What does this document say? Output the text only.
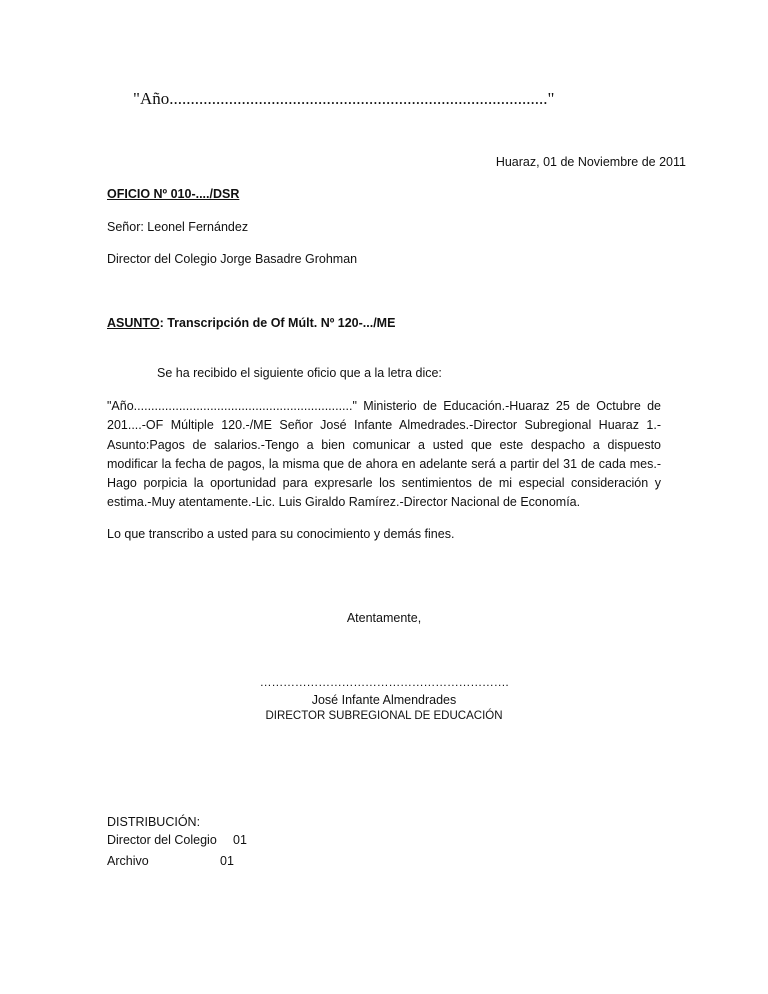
"Año........................................................................................."
Huaraz, 01 de Noviembre de 2011
OFICIO Nº 010-..../DSR
Señor: Leonel Fernández
Director del Colegio Jorge Basadre Grohman
ASUNTO: Transcripción de Of Múlt. Nº 120-.../ME
Se ha recibido el siguiente oficio que a la letra dice:
"Año..............................................................." Ministerio de Educación.-Huaraz 25 de Octubre de 201....-OF Múltiple 120.-/ME Señor José Infante Almedrades.-Director Subregional Huaraz 1.-Asunto:Pagos de salarios.-Tengo a bien comunicar a usted que este despacho a dispuesto modificar la fecha de pagos, la misma que de ahora en adelante será a partir del 31 de cada mes.-Hago porpicia la oportunidad para expresarle los sentimientos de mi especial consideración y estima.-Muy atentamente.-Lic. Luis Giraldo Ramírez.-Director Nacional de Economía.
Lo que transcribo a usted para su conocimiento y demás fines.
Atentamente,
……………………………………………………….
José Infante Almendrades
DIRECTOR SUBREGIONAL DE EDUCACIÓN
DISTRIBUCIÓN:
Director del Colegio 01
Archivo	01
